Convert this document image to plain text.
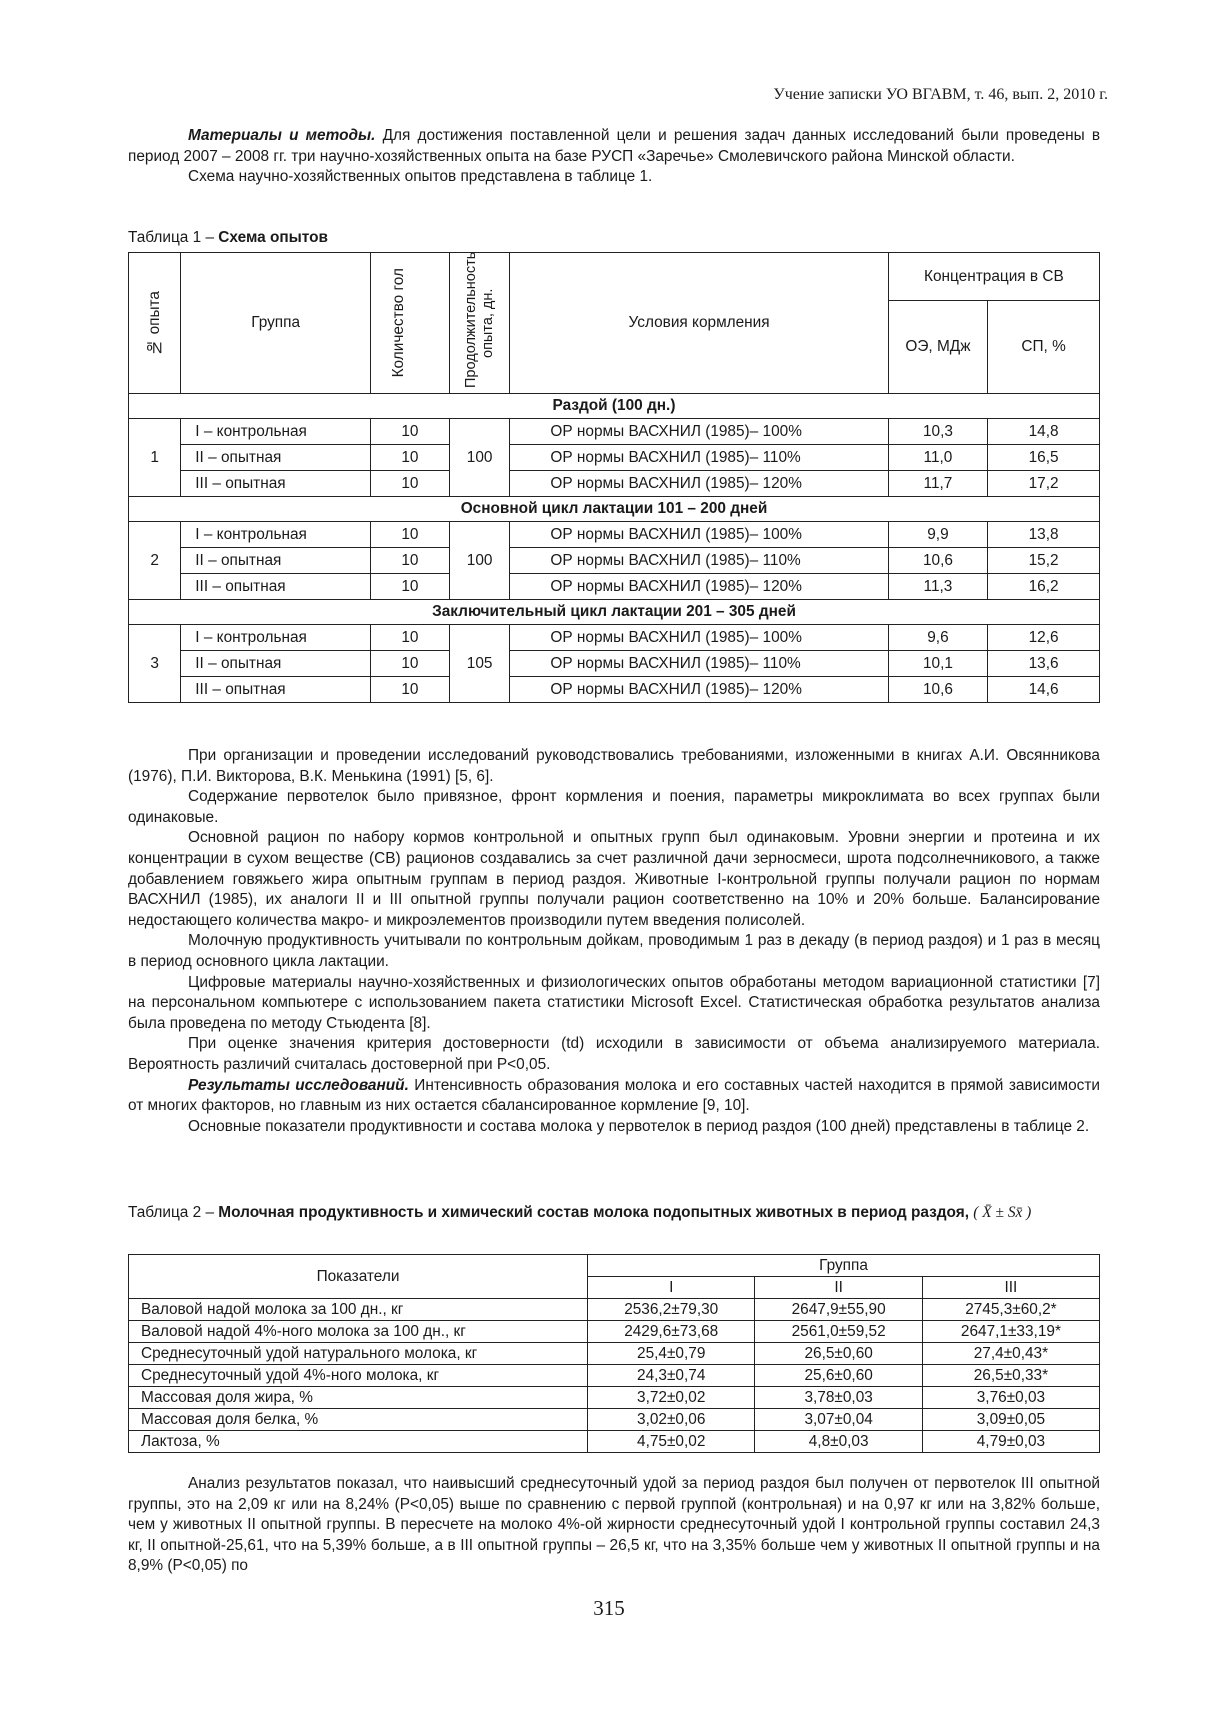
Учение записки УО ВГАВМ, т. 46, вып. 2, 2010 г.

Материалы и методы. Для достижения поставленной цели и решения задач данных исследований были проведены в период 2007 – 2008 гг. три научно-хозяйственных опыта на базе РУСП «Заречье» Смолевичского района Минской области.

Схема научно-хозяйственных опытов представлена в таблице 1.

Таблица 1 – Схема опытов
№ опыта	Группа	Количество гол	Продолжительность опыта, дн.	Условия кормления	Концентрация в СВ	
					ОЭ, МДж	СП, %
Раздой (100 дн.)						
1	I – контрольная	10	100	ОР нормы ВАСХНИЛ (1985)– 100%	10,3	14,8
	II – опытная	10		ОР нормы ВАСХНИЛ (1985)– 110%	11,0	16,5
	III – опытная	10		ОР нормы ВАСХНИЛ (1985)– 120%	11,7	17,2
Основной цикл лактации 101 – 200 дней						
2	I – контрольная	10	100	ОР нормы ВАСХНИЛ (1985)– 100%	9,9	13,8
	II – опытная	10		ОР нормы ВАСХНИЛ (1985)– 110%	10,6	15,2
	III – опытная	10		ОР нормы ВАСХНИЛ (1985)– 120%	11,3	16,2
Заключительный цикл лактации 201 – 305 дней						
3	I – контрольная	10	105	ОР нормы ВАСХНИЛ (1985)– 100%	9,6	12,6
	II – опытная	10		ОР нормы ВАСХНИЛ (1985)– 110%	10,1	13,6
	III – опытная	10		ОР нормы ВАСХНИЛ (1985)– 120%	10,6	14,6

При организации и проведении исследований руководствовались требованиями, изложенными в книгах А.И. Овсянникова (1976), П.И. Викторова, В.К. Менькина (1991) [5, 6].

Содержание первотелок было привязное, фронт кормления и поения, параметры микроклимата во всех группах были одинаковые.

Основной рацион по набору кормов контрольной и опытных групп был одинаковым. Уровни энергии и протеина и их концентрации в сухом веществе (СВ) рационов создавались за счет различной дачи зерносмеси, шрота подсолнечникового, а также добавлением говяжьего жира опытным группам в период раздоя. Животные I-контрольной группы получали рацион по нормам ВАСХНИЛ (1985), их аналоги II и III опытной группы получали рацион соответственно на 10% и 20% больше. Балансирование недостающего количества макро- и микроэлементов производили путем введения полисолей.

Молочную продуктивность учитывали по контрольным дойкам, проводимым 1 раз в декаду (в период раздоя) и 1 раз в месяц в период основного цикла лактации.

Цифровые материалы научно-хозяйственных и физиологических опытов обработаны методом вариационной статистики [7] на персональном компьютере с использованием пакета статистики Microsoft Excel. Статистическая обработка результатов анализа была проведена по методу Стьюдента [8].

При оценке значения критерия достоверности (td) исходили в зависимости от объема анализируемого материала. Вероятность различий считалась достоверной при P<0,05.

Результаты исследований. Интенсивность образования молока и его составных частей находится в прямой зависимости от многих факторов, но главным из них остается сбалансированное кормление [9, 10].

Основные показатели продуктивности и состава молока у первотелок в период раздоя (100 дней) представлены в таблице 2.

Таблица 2 – Молочная продуктивность и химический состав молока подопытных животных в период раздоя, ( X̄ ± Sx̄ )
Показатели	Группа		
	I	II	III
Валовой надой молока за 100 дн., кг	2536,2±79,30	2647,9±55,90	2745,3±60,2*
Валовой надой 4%-ного молока за 100 дн., кг	2429,6±73,68	2561,0±59,52	2647,1±33,19*
Среднесуточный удой натурального молока, кг	25,4±0,79	26,5±0,60	27,4±0,43*
Среднесуточный удой 4%-ного молока, кг	24,3±0,74	25,6±0,60	26,5±0,33*
Массовая доля жира, %	3,72±0,02	3,78±0,03	3,76±0,03
Массовая доля белка, %	3,02±0,06	3,07±0,04	3,09±0,05
Лактоза, %	4,75±0,02	4,8±0,03	4,79±0,03

Анализ результатов показал, что наивысший среднесуточный удой за период раздоя был получен от первотелок III опытной группы, это на 2,09 кг или на 8,24% (P<0,05) выше по сравнению с первой группой (контрольная) и на 0,97 кг или на 3,82% больше, чем у животных II опытной группы. В пересчете на молоко 4%-ой жирности среднесуточный удой I контрольной группы составил 24,3 кг, II опытной-25,61, что на 5,39% больше, а в III опытной группы – 26,5 кг, что на 3,35% больше чем у животных II опытной группы и на 8,9% (P<0,05) по

315
